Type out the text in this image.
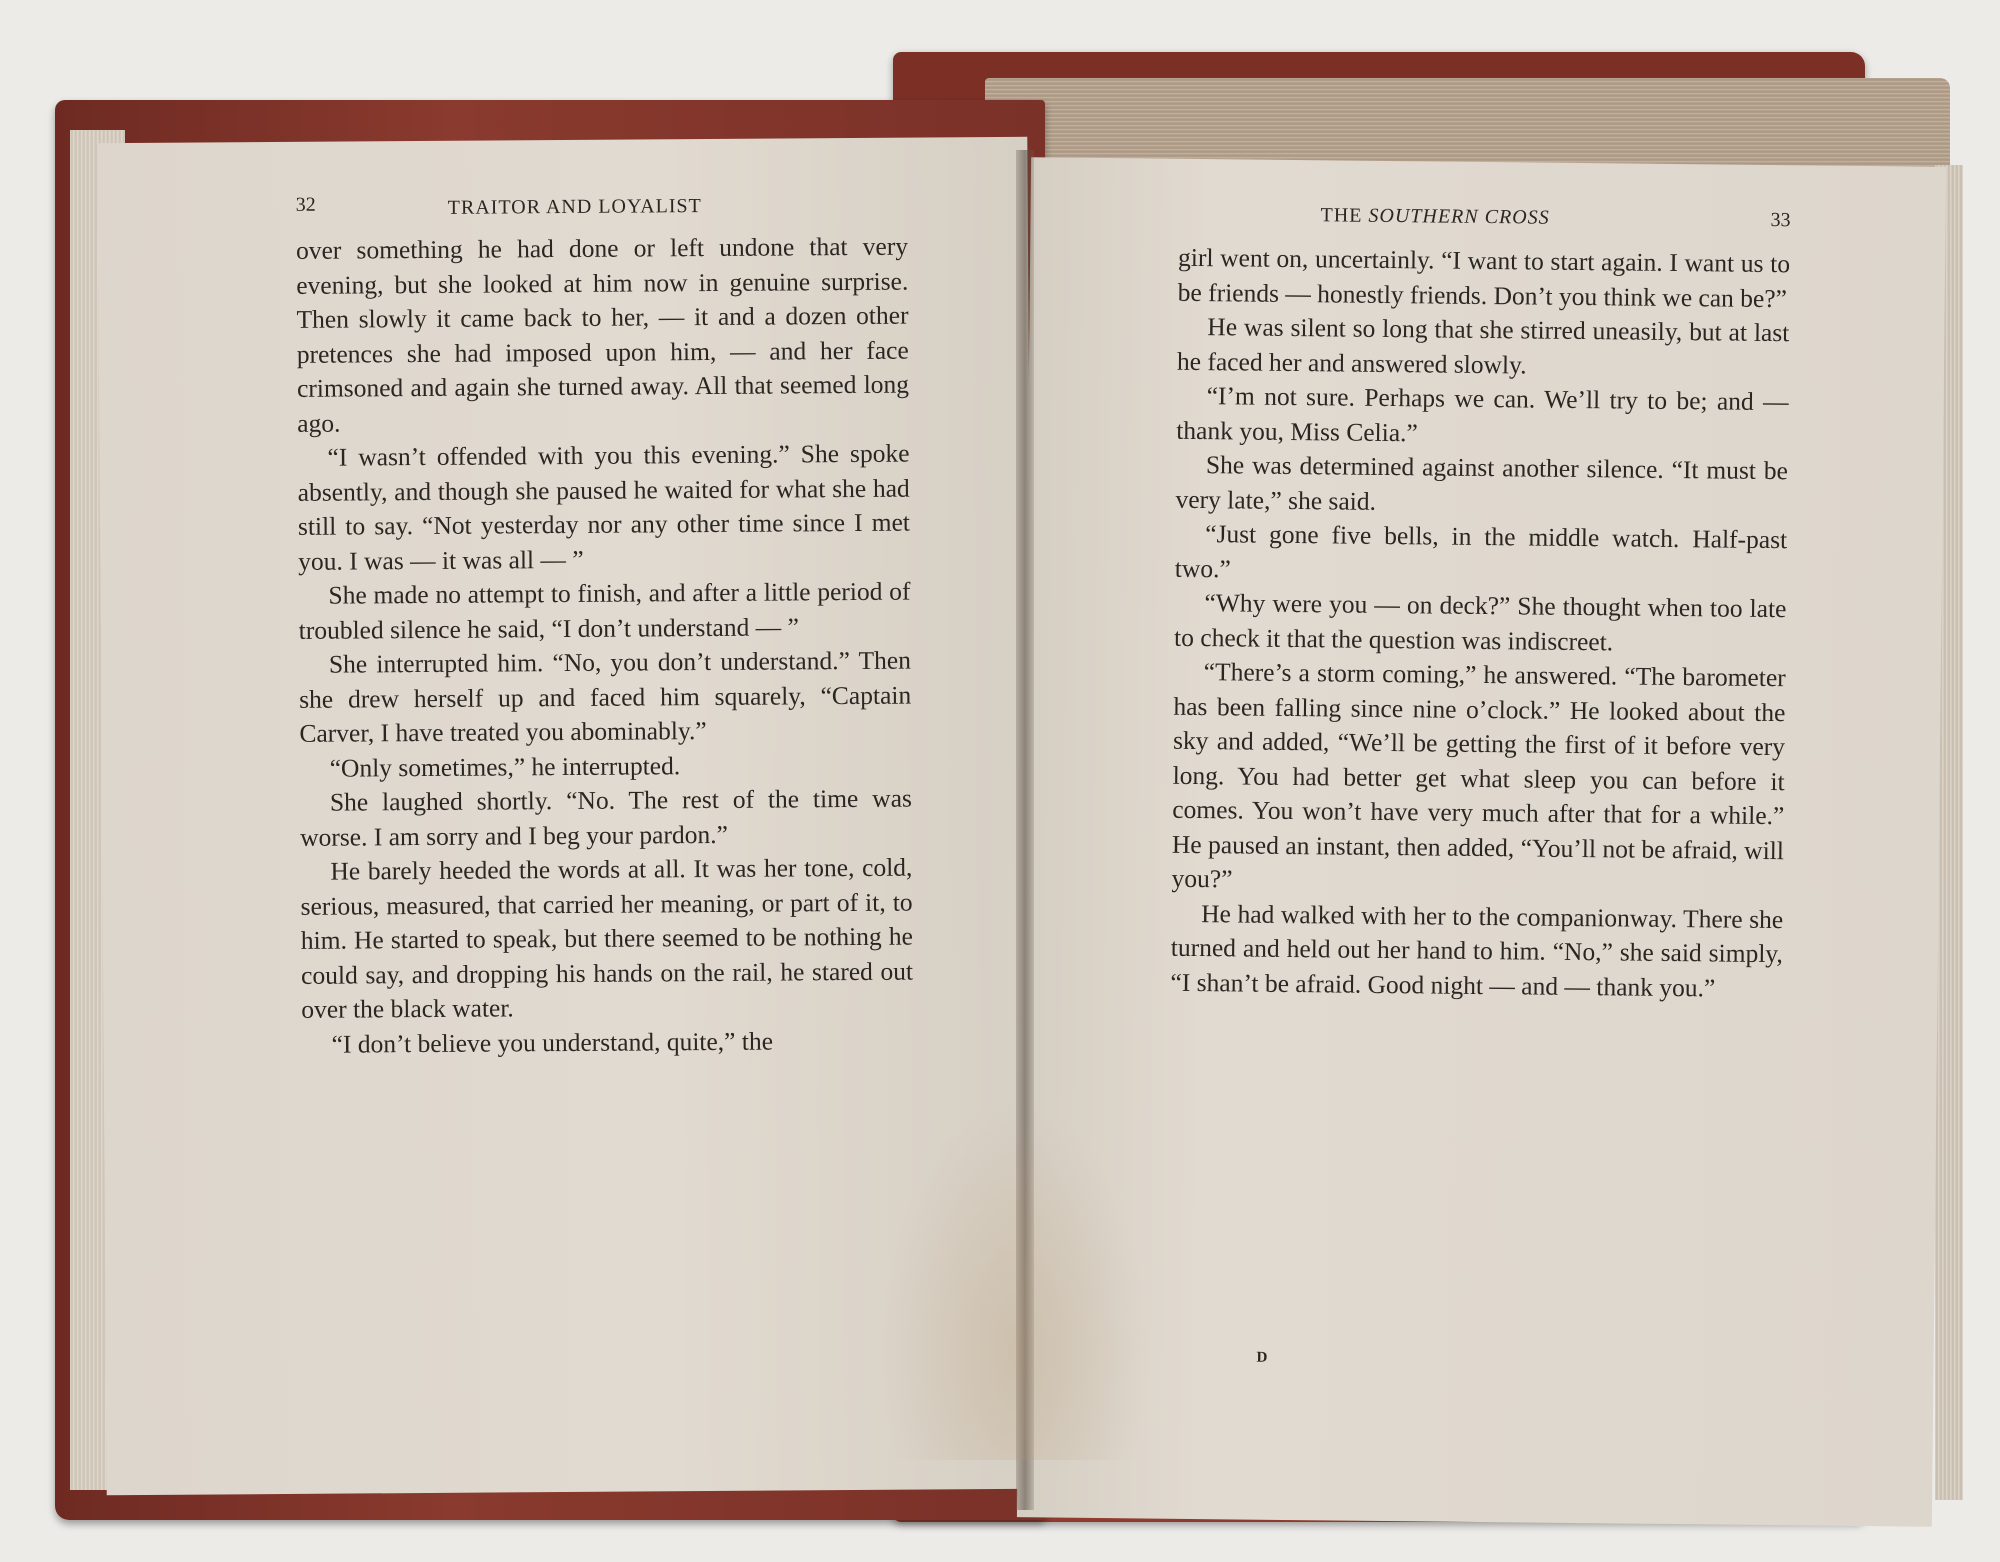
32	TRAITOR AND LOYALIST

over something he had done or left undone that very evening, but she looked at him now in genuine surprise. Then slowly it came back to her, — it and a dozen other pretences she had imposed upon him, — and her face crimsoned and again she turned away. All that seemed long ago.

“I wasn’t offended with you this evening.” She spoke absently, and though she paused he waited for what she had still to say. “Not yesterday nor any other time since I met you. I was — it was all — ”

She made no attempt to finish, and after a little period of troubled silence he said, “I don’t understand — ”

She interrupted him. “No, you don’t understand.” Then she drew herself up and faced him squarely, “Captain Carver, I have treated you abominably.”

“Only sometimes,” he interrupted.

She laughed shortly. “No. The rest of the time was worse. I am sorry and I beg your pardon.”

He barely heeded the words at all. It was her tone, cold, serious, measured, that carried her meaning, or part of it, to him. He started to speak, but there seemed to be nothing he could say, and dropping his hands on the rail, he stared out over the black water.

“I don’t believe you understand, quite,” the

THE SOUTHERN CROSS	33

girl went on, uncertainly. “I want to start again. I want us to be friends — honestly friends. Don’t you think we can be?”

He was silent so long that she stirred uneasily, but at last he faced her and answered slowly.

“I’m not sure. Perhaps we can. We’ll try to be; and — thank you, Miss Celia.”

She was determined against another silence. “It must be very late,” she said.

“Just gone five bells, in the middle watch. Half-past two.”

“Why were you — on deck?” She thought when too late to check it that the question was indiscreet.

“There’s a storm coming,” he answered. “The barometer has been falling since nine o’clock.” He looked about the sky and added, “We’ll be getting the first of it before very long. You had better get what sleep you can before it comes. You won’t have very much after that for a while.” He paused an instant, then added, “You’ll not be afraid, will you?”

He had walked with her to the companionway. There she turned and held out her hand to him. “No,” she said simply, “I shan’t be afraid. Good night — and — thank you.”

D
